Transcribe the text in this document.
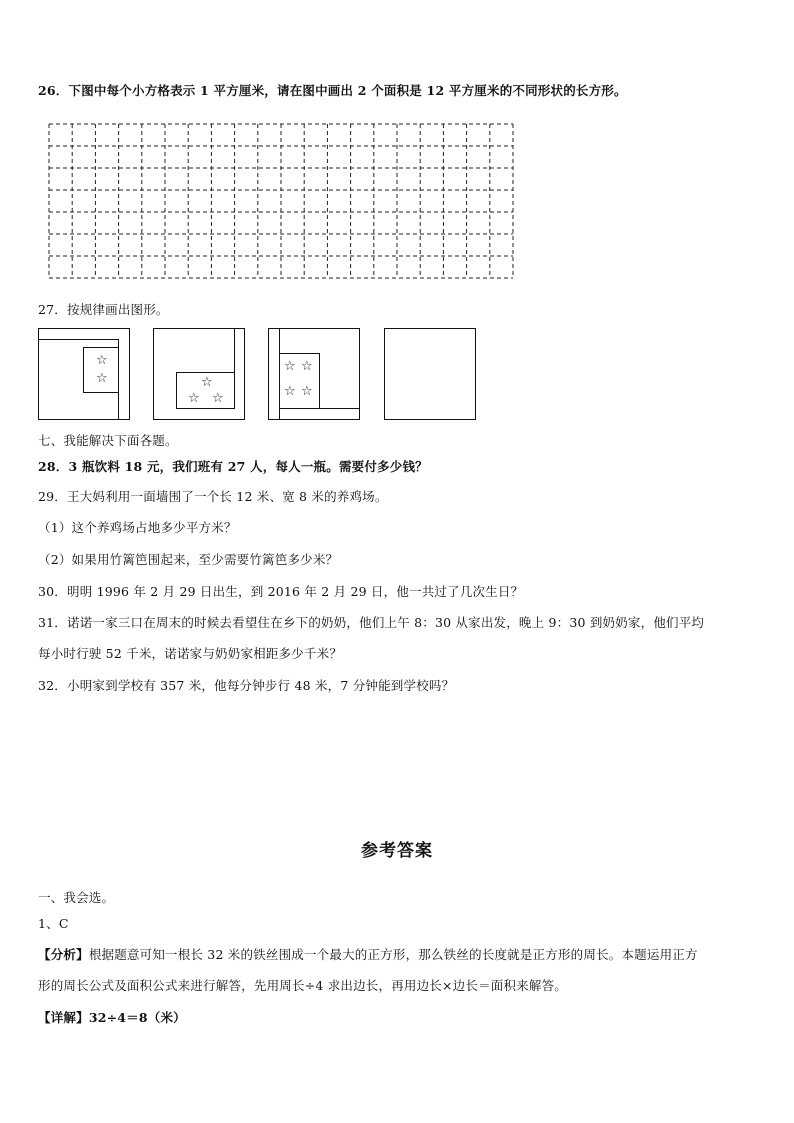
26．下图中每个小方格表示 1 平方厘米，请在图中画出 2 个面积是 12 平方厘米的不同形状的长方形。
27．按规律画出图形。
☆
☆	☆
☆ ☆
☆ ☆
☆ ☆
七、我能解决下面各题。
28．3 瓶饮料 18 元，我们班有 27 人，每人一瓶。需要付多少钱？
29．王大妈利用一面墙围了一个长 12 米、宽 8 米的养鸡场。
（1）这个养鸡场占地多少平方米？
（2）如果用竹篱笆围起来，至少需要竹篱笆多少米？
30．明明 1996 年 2 月 29 日出生，到 2016 年 2 月 29 日，他一共过了几次生日？
31．诺诺一家三口在周末的时候去看望住在乡下的奶奶，他们上午 8：30 从家出发，晚上 9：30 到奶奶家，他们平均
每小时行驶 52 千米，诺诺家与奶奶家相距多少千米？
32．小明家到学校有 357 米，他每分钟步行 48 米，7 分钟能到学校吗？
参考答案
一、我会选。
1、C
【分析】根据题意可知一根长 32 米的铁丝围成一个最大的正方形，那么铁丝的长度就是正方形的周长。本题运用正方
形的周长公式及面积公式来进行解答，先用周长÷4 求出边长，再用边长×边长＝面积来解答。
【详解】32÷4＝8（米）
